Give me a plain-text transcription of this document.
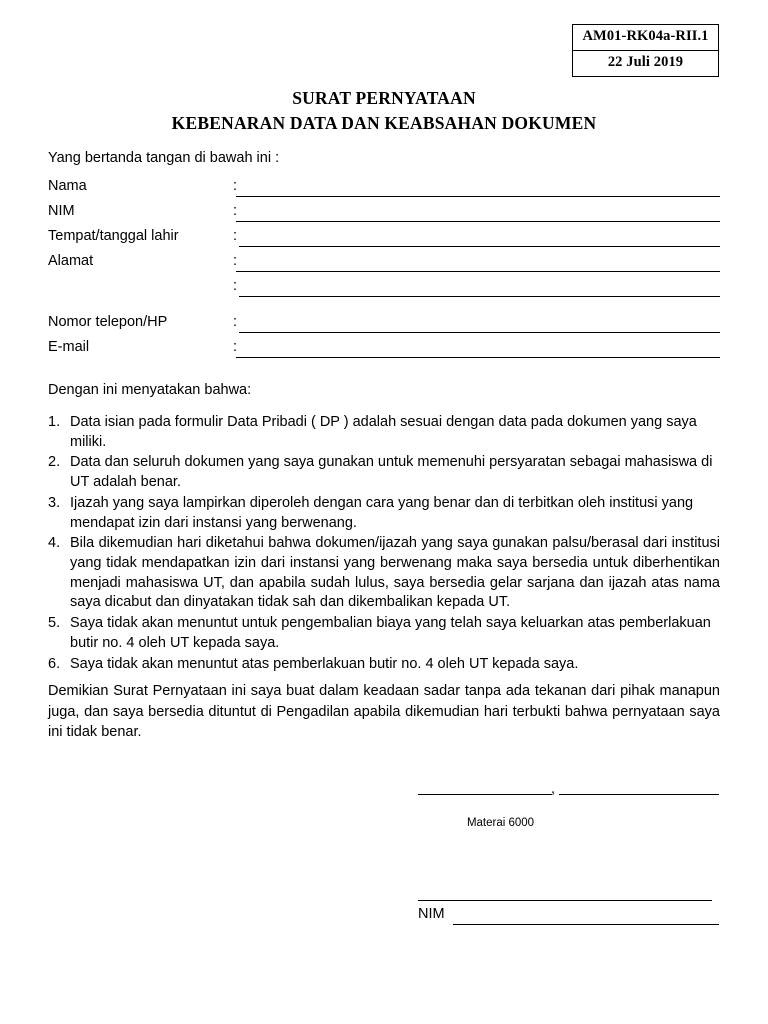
AM01-RK04a-RII.1
22 Juli 2019
SURAT PERNYATAAN
KEBENARAN DATA DAN KEABSAHAN DOKUMEN
Yang bertanda tangan di bawah ini :
Nama	:
NIM	:
Tempat/tanggal lahir	:
Alamat	:
:
Nomor telepon/HP	:
E-mail	:
Dengan ini menyatakan bahwa:
1. Data isian pada formulir Data Pribadi ( DP ) adalah sesuai dengan data pada dokumen yang saya miliki.
2. Data dan seluruh dokumen yang saya gunakan untuk memenuhi persyaratan sebagai mahasiswa di UT adalah benar.
3. Ijazah yang saya lampirkan diperoleh dengan cara yang benar dan di terbitkan oleh institusi yang mendapat izin dari instansi yang berwenang.
4. Bila dikemudian hari diketahui bahwa dokumen/ijazah yang saya gunakan palsu/berasal dari institusi yang tidak mendapatkan izin dari instansi yang berwenang maka saya bersedia untuk diberhentikan menjadi mahasiswa UT, dan apabila sudah lulus, saya bersedia gelar sarjana dan ijazah atas nama saya dicabut dan dinyatakan tidak sah dan dikembalikan kepada UT.
5. Saya tidak akan menuntut untuk pengembalian biaya yang telah saya keluarkan atas pemberlakuan butir no. 4 oleh UT kepada saya.
6. Saya tidak akan menuntut atas pemberlakuan butir no. 4 oleh UT kepada saya.
Demikian Surat Pernyataan ini saya buat dalam keadaan sadar tanpa ada tekanan dari pihak manapun juga, dan saya bersedia dituntut di Pengadilan apabila dikemudian hari terbukti bahwa pernyataan saya ini tidak benar.
,
Materai 6000
NIM
